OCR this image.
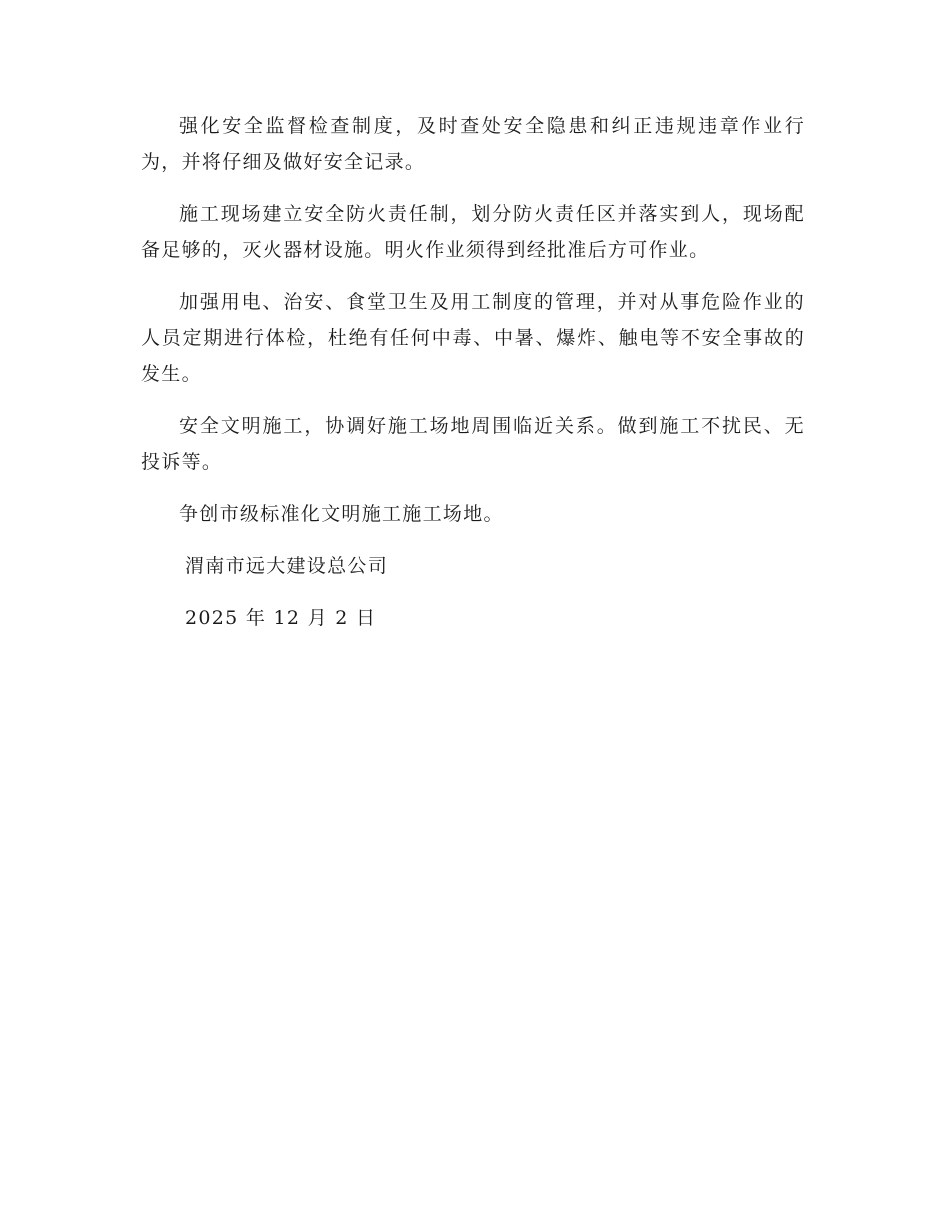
强化安全监督检查制度，及时查处安全隐患和纠正违规违章作业行为，并将仔细及做好安全记录。

施工现场建立安全防火责任制，划分防火责任区并落实到人，现场配备足够的，灭火器材设施。明火作业须得到经批准后方可作业。

加强用电、治安、食堂卫生及用工制度的管理，并对从事危险作业的人员定期进行体检，杜绝有任何中毒、中暑、爆炸、触电等不安全事故的发生。

安全文明施工，协调好施工场地周围临近关系。做到施工不扰民、无投诉等。

争创市级标准化文明施工施工场地。

渭南市远大建设总公司

2025 年 12 月 2 日
